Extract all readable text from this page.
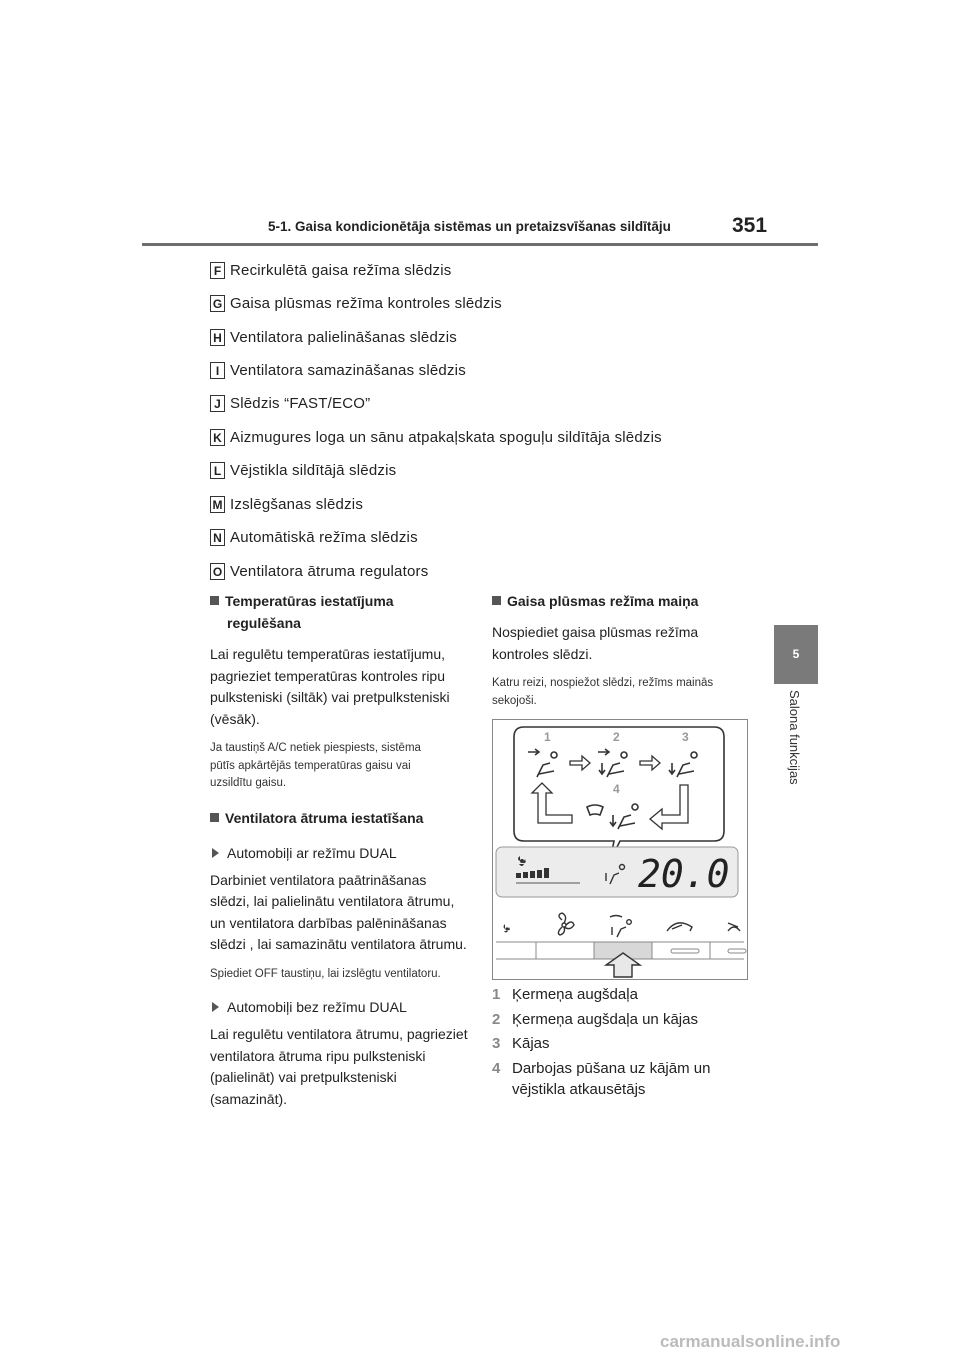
5-1. Gaisa kondicionētāja sistēmas un pretaizsvīšanas sildītāju	351
5
Salona funkcijas
F Recirkulētā gaisa režīma slēdzis
G Gaisa plūsmas režīma kontroles slēdzis
H Ventilatora palielināšanas slēdzis
I Ventilatora samazināšanas slēdzis
J Slēdzis “FAST/ECO”
K Aizmugures loga un sānu atpakaļskata spoguļu sildītāja slēdzis
L Vējstikla sildītājā slēdzis
M Izslēgšanas slēdzis
N Automātiskā režīma slēdzis
O Ventilatora ātruma regulators
Temperatūras iestatījuma
regulēšana
Lai regulētu temperatūras iestatījumu,
pagrieziet temperatūras kontroles ripu
pulksteniski (siltāk) vai pretpulksteniski
(vēsāk).
Ja taustiņš A/C netiek piespiests, sistēma
pūtīs apkārtējās temperatūras gaisu vai
uzsildītu gaisu.
Ventilatora ātruma iestatīšana
Automobiļi ar režīmu DUAL
Darbiniet ventilatora paātrināšanas
slēdzi, lai palielinātu ventilatora ātrumu,
un ventilatora darbības palēnināšanas
slēdzi , lai samazinātu ventilatora ātrumu.
Spiediet OFF taustiņu, lai izslēgtu ventilatoru.
Automobiļi bez režīmu DUAL
Lai regulētu ventilatora ātrumu, pagrieziet
ventilatora ātruma ripu pulksteniski
(palielināt) vai pretpulksteniski
(samazināt).
Gaisa plūsmas režīma maiņa
Nospiediet gaisa plūsmas režīma
kontroles slēdzi.
Katru reizi, nospiežot slēdzi, režīms mainās
sekojoši.
1	2	3
4
20.0
1 Ķermeņa augšdaļa
2 Ķermeņa augšdaļa un kājas
3 Kājas
4 Darbojas pūšana uz kājām un
vējstikla atkausētājs
carmanualsonline.info
